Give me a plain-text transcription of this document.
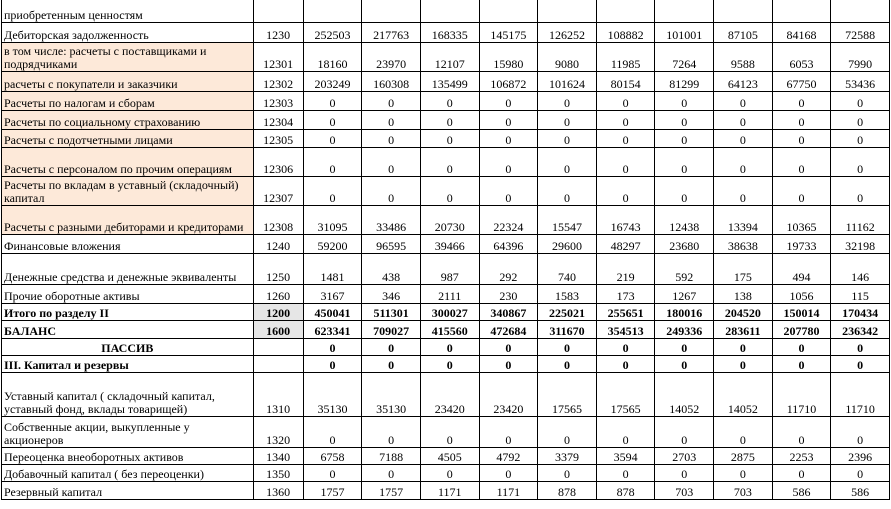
приобретенным ценностям											
Дебиторская задолженность	1230	252503	217763	168335	145175	126252	108882	101001	87105	84168	72588
в том числе: расчеты с поставщиками и подрядчиками	12301	18160	23970	12107	15980	9080	11985	7264	9588	6053	7990
расчеты с покупатели и заказчики	12302	203249	160308	135499	106872	101624	80154	81299	64123	67750	53436
Расчеты по налогам и сборам	12303	0	0	0	0	0	0	0	0	0	0
Расчеты по социальному страхованию	12304	0	0	0	0	0	0	0	0	0	0
Расчеты с подотчетными лицами	12305	0	0	0	0	0	0	0	0	0	0
Расчеты с персоналом по прочим операциям	12306	0	0	0	0	0	0	0	0	0	0
Расчеты по вкладам в уставный (складочный) капитал	12307	0	0	0	0	0	0	0	0	0	0
Расчеты с разными дебиторами и кредиторами	12308	31095	33486	20730	22324	15547	16743	12438	13394	10365	11162
Финансовые вложения	1240	59200	96595	39466	64396	29600	48297	23680	38638	19733	32198
Денежные средства и денежные эквиваленты	1250	1481	438	987	292	740	219	592	175	494	146
Прочие оборотные активы	1260	3167	346	2111	230	1583	173	1267	138	1056	115
Итого по разделу II	1200	450041	511301	300027	340867	225021	255651	180016	204520	150014	170434
БАЛАНС	1600	623341	709027	415560	472684	311670	354513	249336	283611	207780	236342
ПАССИВ		0	0	0	0	0	0	0	0	0	0
III. Капитал и резервы		0	0	0	0	0	0	0	0	0	0
Уставный капитал ( складочный капитал, уставный фонд, вклады товарищей)	1310	35130	35130	23420	23420	17565	17565	14052	14052	11710	11710
Собственные акции, выкупленные у акционеров	1320	0	0	0	0	0	0	0	0	0	0
Переоценка внеоборотных активов	1340	6758	7188	4505	4792	3379	3594	2703	2875	2253	2396
Добавочный капитал ( без переоценки)	1350	0	0	0	0	0	0	0	0	0	0
Резервный капитал	1360	1757	1757	1171	1171	878	878	703	703	586	586
